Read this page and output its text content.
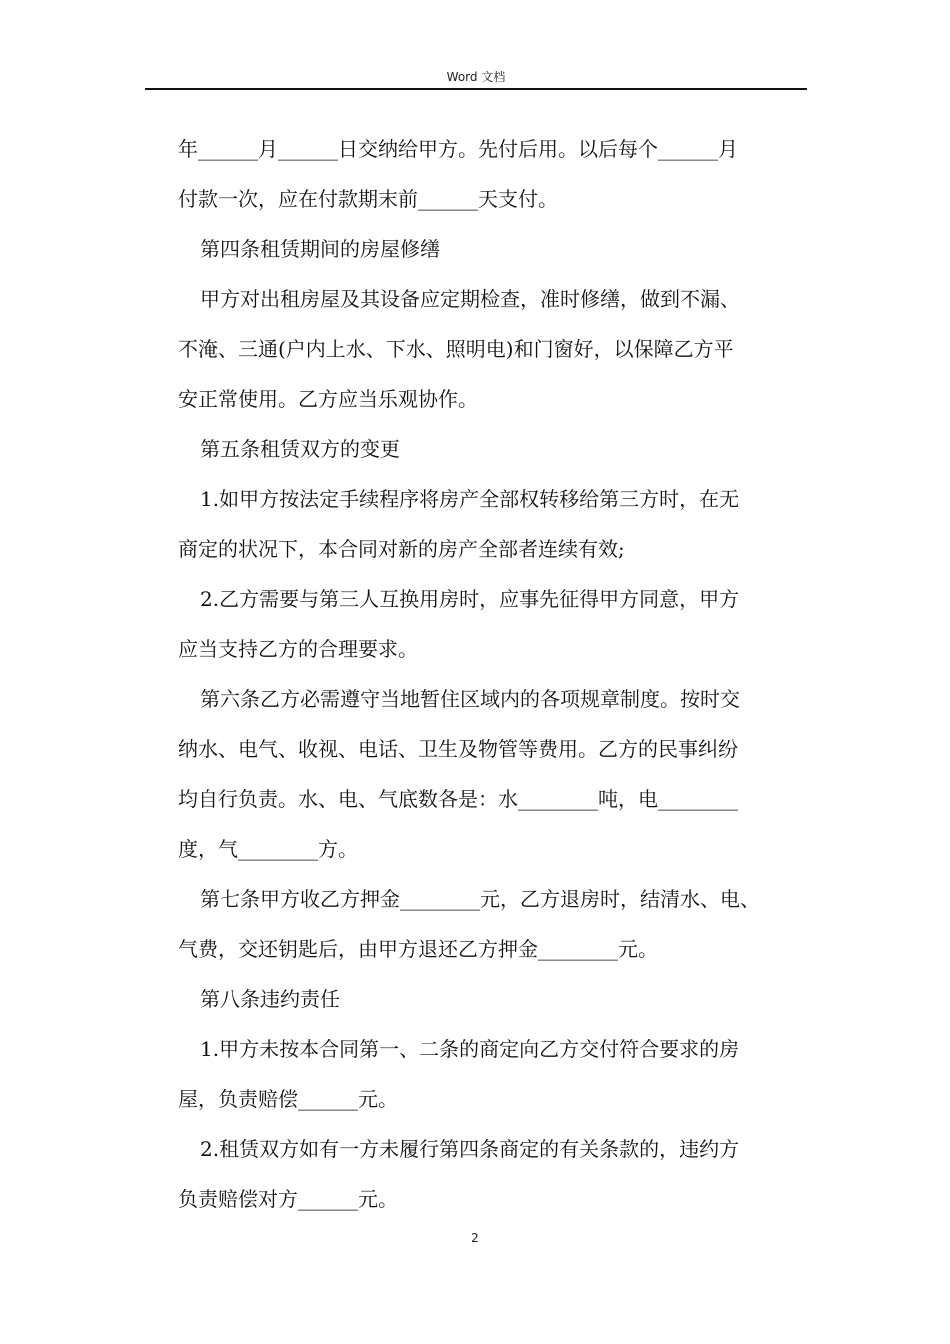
Word 文档

年______月______日交纳给甲方。先付后用。以后每个______月

付款一次，应在付款期末前______天支付。

第四条租赁期间的房屋修缮

甲方对出租房屋及其设备应定期检查，准时修缮，做到不漏、

不淹、三通(户内上水、下水、照明电)和门窗好，以保障乙方平

安正常使用。乙方应当乐观协作。

第五条租赁双方的变更

1.如甲方按法定手续程序将房产全部权转移给第三方时，在无

商定的状况下，本合同对新的房产全部者连续有效;

2.乙方需要与第三人互换用房时，应事先征得甲方同意，甲方

应当支持乙方的合理要求。

第六条乙方必需遵守当地暂住区域内的各项规章制度。按时交

纳水、电气、收视、电话、卫生及物管等费用。乙方的民事纠纷

均自行负责。水、电、气底数各是：水________吨，电________

度，气________方。

第七条甲方收乙方押金________元，乙方退房时，结清水、电、

气费，交还钥匙后，由甲方退还乙方押金________元。

第八条违约责任

1.甲方未按本合同第一、二条的商定向乙方交付符合要求的房

屋，负责赔偿______元。

2.租赁双方如有一方未履行第四条商定的有关条款的，违约方

负责赔偿对方______元。

2
